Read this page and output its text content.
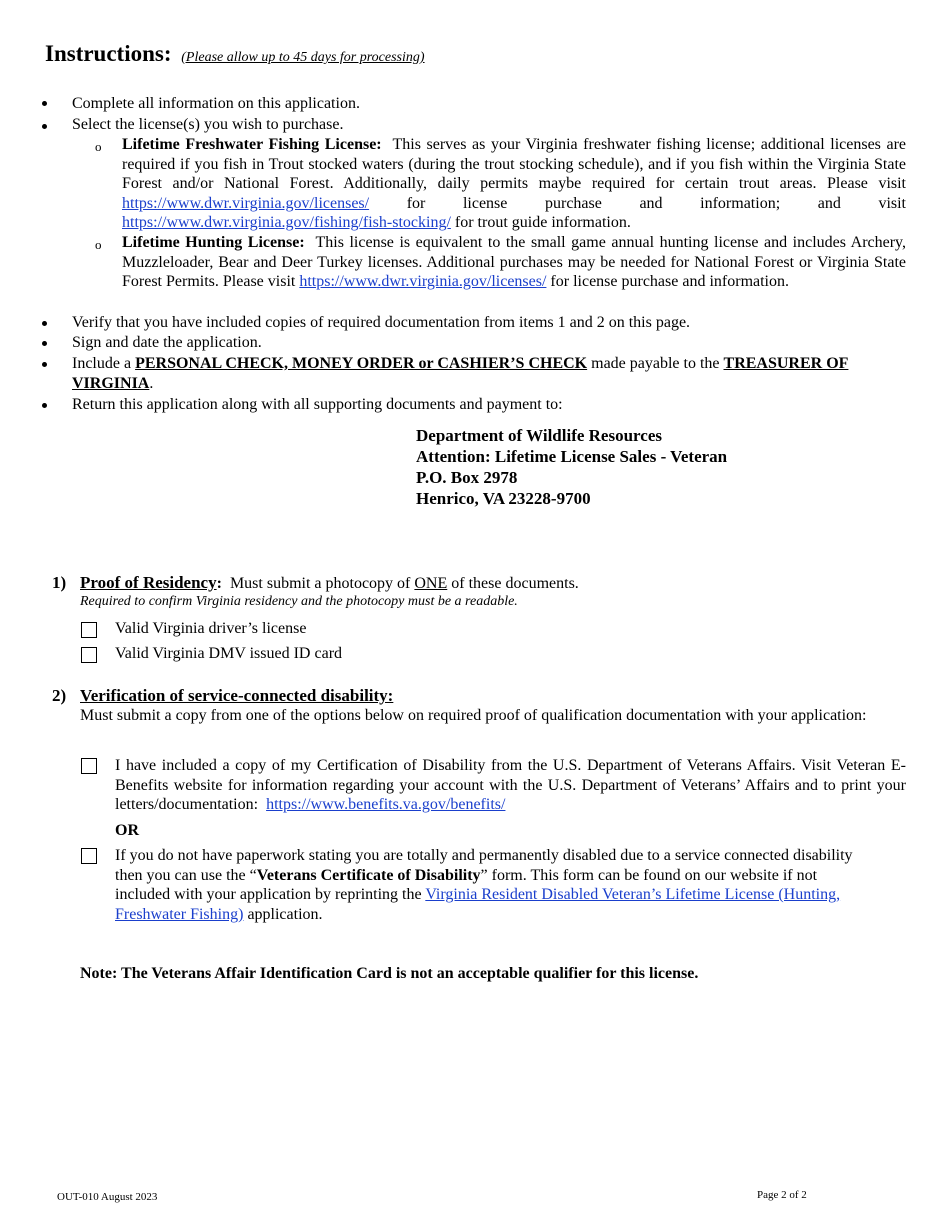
Instructions: (Please allow up to 45 days for processing)
Complete all information on this application.
Select the license(s) you wish to purchase.
o Lifetime Freshwater Fishing License: This serves as your Virginia freshwater fishing license; additional licenses are required if you fish in Trout stocked waters (during the trout stocking schedule), and if you fish within the Virginia State Forest and/or National Forest. Additionally, daily permits maybe required for certain trout areas. Please visit https://www.dwr.virginia.gov/licenses/ for license purchase and information; and visit https://www.dwr.virginia.gov/fishing/fish-stocking/ for trout guide information.
o Lifetime Hunting License: This license is equivalent to the small game annual hunting license and includes Archery, Muzzleloader, Bear and Deer Turkey licenses. Additional purchases may be needed for National Forest or Virginia State Forest Permits. Please visit https://www.dwr.virginia.gov/licenses/ for license purchase and information.
Verify that you have included copies of required documentation from items 1 and 2 on this page.
Sign and date the application.
Include a PERSONAL CHECK, MONEY ORDER or CASHIER’S CHECK made payable to the TREASURER OF VIRGINIA.
Return this application along with all supporting documents and payment to:
Department of Wildlife Resources
Attention: Lifetime License Sales - Veteran
P.O. Box 2978
Henrico, VA 23228-9700
1) Proof of Residency: Must submit a photocopy of ONE of these documents.
Required to confirm Virginia residency and the photocopy must be a readable.
Valid Virginia driver’s license
Valid Virginia DMV issued ID card
2) Verification of service-connected disability:
Must submit a copy from one of the options below on required proof of qualification documentation with your application:
I have included a copy of my Certification of Disability from the U.S. Department of Veterans Affairs. Visit Veteran E-Benefits website for information regarding your account with the U.S. Department of Veterans’ Affairs and to print your letters/documentation: https://www.benefits.va.gov/benefits/
OR
If you do not have paperwork stating you are totally and permanently disabled due to a service connected disability then you can use the “Veterans Certificate of Disability” form. This form can be found on our website if not included with your application by reprinting the Virginia Resident Disabled Veteran’s Lifetime License (Hunting, Freshwater Fishing) application.
Note: The Veterans Affair Identification Card is not an acceptable qualifier for this license.
OUT-010 August 2023	Page 2 of 2
